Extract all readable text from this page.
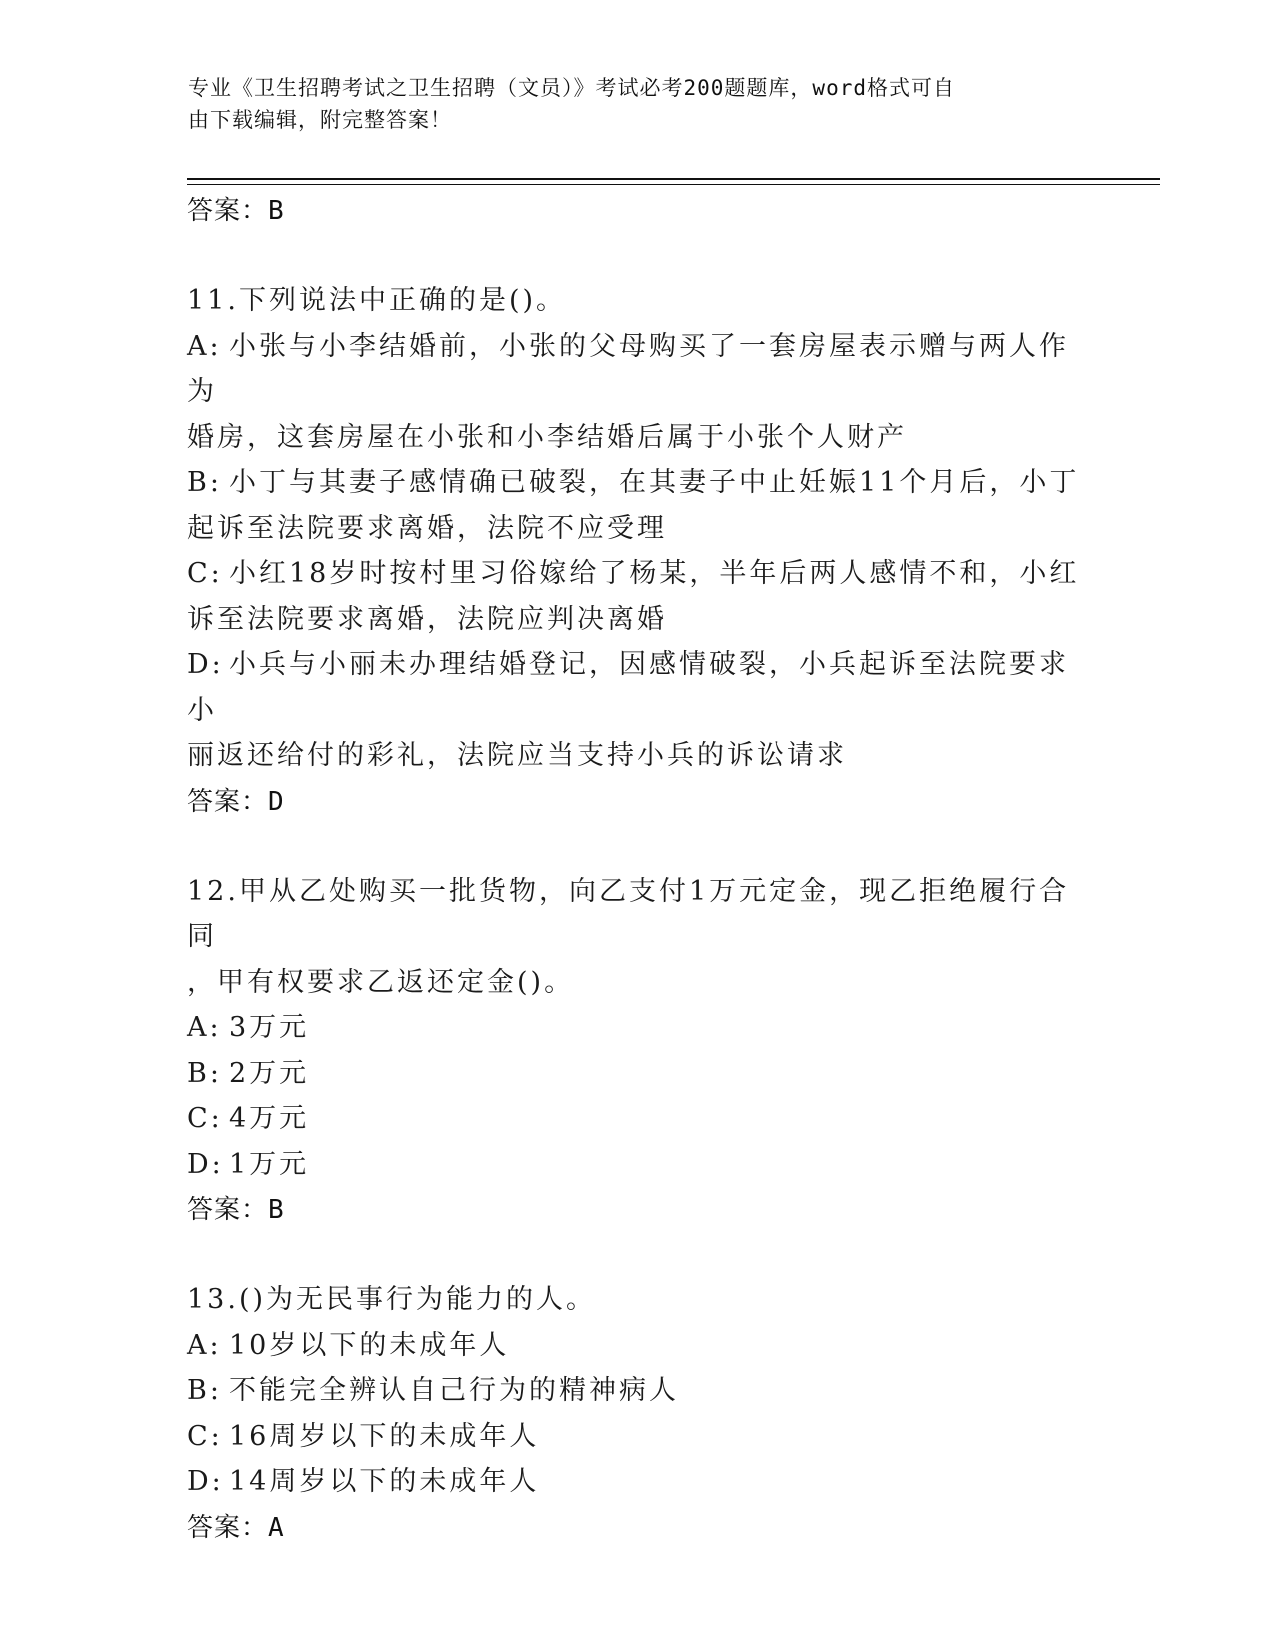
专业《卫生招聘考试之卫生招聘（文员）》考试必考200题题库，word格式可自
由下载编辑，附完整答案！
答案：B
11.下列说法中正确的是()。
A: 小张与小李结婚前，小张的父母购买了一套房屋表示赠与两人作为
婚房，这套房屋在小张和小李结婚后属于小张个人财产
B: 小丁与其妻子感情确已破裂，在其妻子中止妊娠11个月后，小丁
起诉至法院要求离婚，法院不应受理
C: 小红18岁时按村里习俗嫁给了杨某，半年后两人感情不和，小红
诉至法院要求离婚，法院应判决离婚
D: 小兵与小丽未办理结婚登记，因感情破裂，小兵起诉至法院要求小
丽返还给付的彩礼，法院应当支持小兵的诉讼请求
答案：D
12.甲从乙处购买一批货物，向乙支付1万元定金，现乙拒绝履行合同
，甲有权要求乙返还定金()。
A: 3万元
B: 2万元
C: 4万元
D: 1万元
答案：B
13.()为无民事行为能力的人。
A: 10岁以下的未成年人
B: 不能完全辨认自己行为的精神病人
C: 16周岁以下的未成年人
D: 14周岁以下的未成年人
答案：A
